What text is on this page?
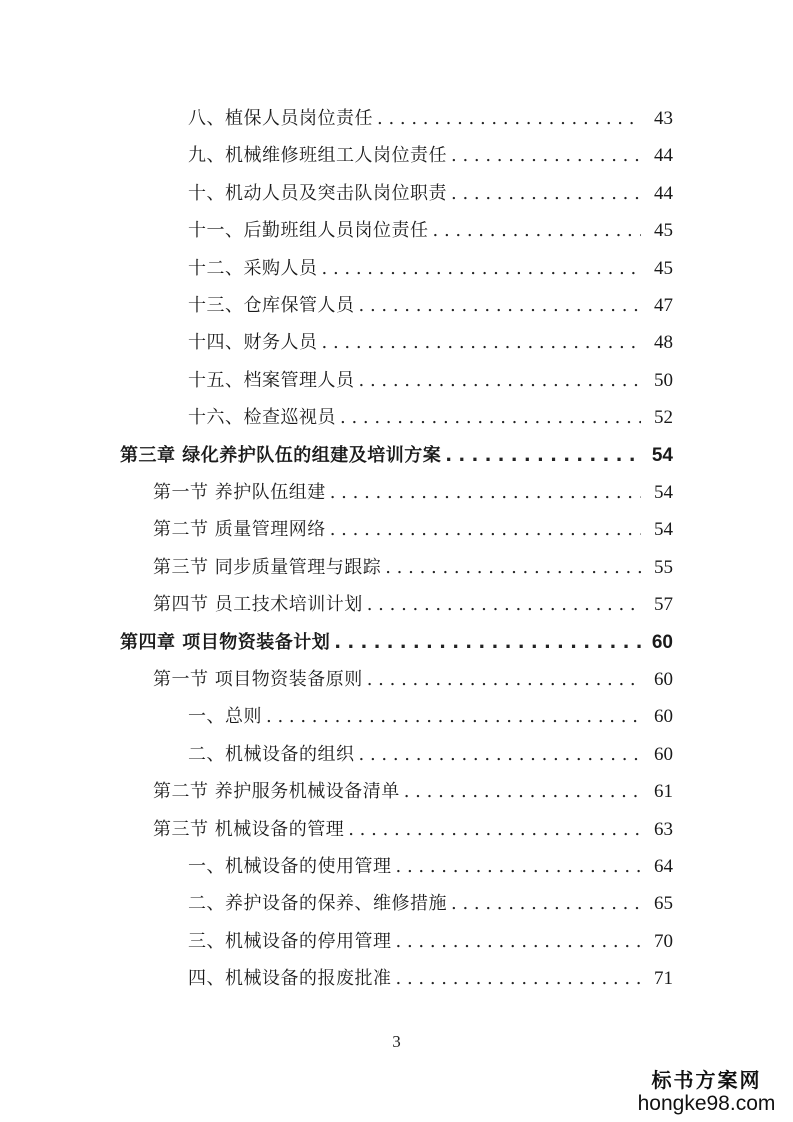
八、植保人员岗位责任 . . .	43
九、机械维修班组工人岗位责任 . . .	44
十、机动人员及突击队岗位职责 . . .	44
十一、后勤班组人员岗位责任 . . .	45
十二、采购人员 . . .	45
十三、仓库保管人员 . . .	47
十四、财务人员 . . .	48
十五、档案管理人员 . . .	50
十六、检查巡视员 . . .	52
第三章 绿化养护队伍的组建及培训方案 . . .	54
第一节 养护队伍组建 . . .	54
第二节 质量管理网络 . . .	54
第三节 同步质量管理与跟踪 . . .	55
第四节 员工技术培训计划 . . .	57
第四章 项目物资装备计划 . . .	60
第一节 项目物资装备原则 . . .	60
一、总则 . . .	60
二、机械设备的组织 . . .	60
第二节 养护服务机械设备清单 . . .	61
第三节 机械设备的管理 . . .	63
一、机械设备的使用管理 . . .	64
二、养护设备的保养、维修措施 . . .	65
三、机械设备的停用管理 . . .	70
四、机械设备的报废批准 . . .	71
3
标书方案网
hongke98.com
